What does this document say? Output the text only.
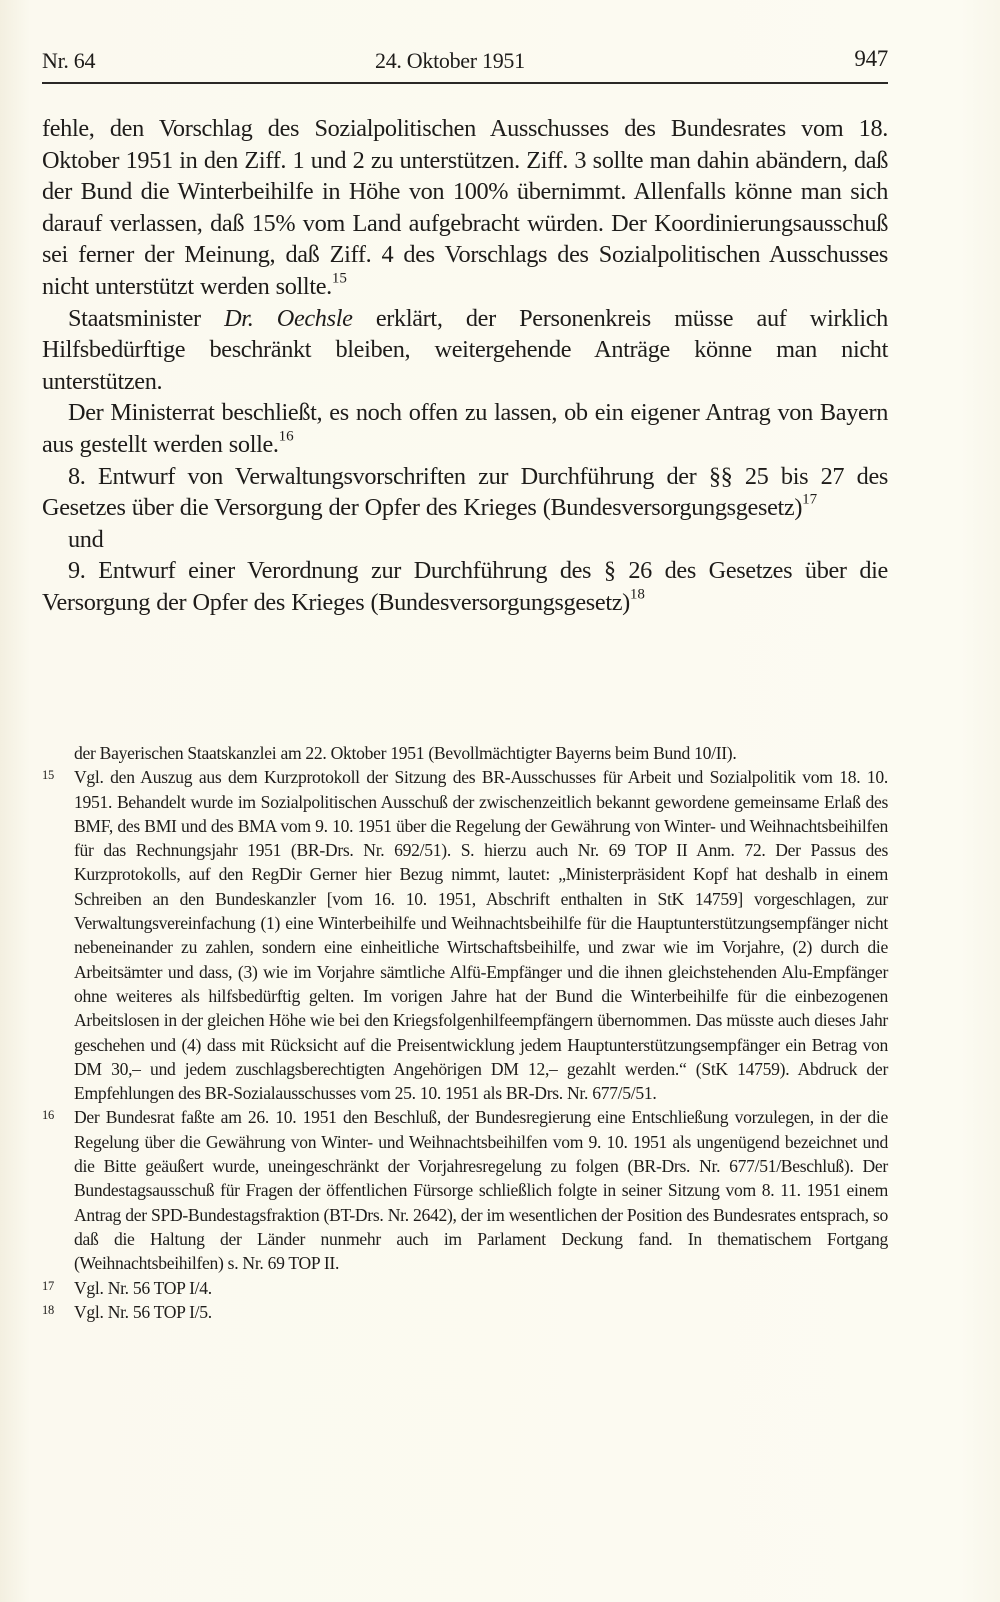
Nr. 64	24. Oktober 1951	947

fehle, den Vorschlag des Sozialpolitischen Ausschusses des Bundesrates vom 18. Oktober 1951 in den Ziff. 1 und 2 zu unterstützen. Ziff. 3 sollte man dahin abändern, daß der Bund die Winterbeihilfe in Höhe von 100% übernimmt. Allenfalls könne man sich darauf verlassen, daß 15% vom Land aufgebracht würden. Der Koordinierungsausschuß sei ferner der Meinung, daß Ziff. 4 des Vorschlags des Sozialpolitischen Ausschusses nicht unterstützt werden sollte.$^{15}$

Staatsminister Dr. Oechsle erklärt, der Personenkreis müsse auf wirklich Hilfsbedürftige beschränkt bleiben, weitergehende Anträge könne man nicht unterstützen.

Der Ministerrat beschließt, es noch offen zu lassen, ob ein eigener Antrag von Bayern aus gestellt werden solle.$^{16}$

8. Entwurf von Verwaltungsvorschriften zur Durchführung der §§ 25 bis 27 des Gesetzes über die Versorgung der Opfer des Krieges (Bundesversorgungsgesetz)$^{17}$

und

9. Entwurf einer Verordnung zur Durchführung des § 26 des Gesetzes über die Versorgung der Opfer des Krieges (Bundesversorgungsgesetz)$^{18}$

der Bayerischen Staatskanzlei am 22. Oktober 1951 (Bevollmächtigter Bayerns beim Bund 10/II).

15 Vgl. den Auszug aus dem Kurzprotokoll der Sitzung des BR-Ausschusses für Arbeit und Sozialpolitik vom 18. 10. 1951. Behandelt wurde im Sozialpolitischen Ausschuß der zwischenzeitlich bekannt gewordene gemeinsame Erlaß des BMF, des BMI und des BMA vom 9. 10. 1951 über die Regelung der Gewährung von Winter- und Weihnachtsbeihilfen für das Rechnungsjahr 1951 (BR-Drs. Nr. 692/51). S. hierzu auch Nr. 69 TOP II Anm. 72. Der Passus des Kurzprotokolls, auf den RegDir Gerner hier Bezug nimmt, lautet: „Ministerpräsident Kopf hat deshalb in einem Schreiben an den Bundeskanzler [vom 16. 10. 1951, Abschrift enthalten in StK 14759] vorgeschlagen, zur Verwaltungsvereinfachung (1) eine Winterbeihilfe und Weihnachtsbeihilfe für die Hauptunterstützungsempfänger nicht nebeneinander zu zahlen, sondern eine einheitliche Wirtschaftsbeihilfe, und zwar wie im Vorjahre, (2) durch die Arbeitsämter und dass, (3) wie im Vorjahre sämtliche Alfü-Empfänger und die ihnen gleichstehenden Alu-Empfänger ohne weiteres als hilfsbedürftig gelten. Im vorigen Jahre hat der Bund die Winterbeihilfe für die einbezogenen Arbeitslosen in der gleichen Höhe wie bei den Kriegsfolgenhilfeempfängern übernommen. Das müsste auch dieses Jahr geschehen und (4) dass mit Rücksicht auf die Preisentwicklung jedem Hauptunterstützungsempfänger ein Betrag von DM 30,– und jedem zuschlagsberechtigten Angehörigen DM 12,– gezahlt werden.“ (StK 14759). Abdruck der Empfehlungen des BR-Sozialausschusses vom 25. 10. 1951 als BR-Drs. Nr. 677/5/51.

16 Der Bundesrat faßte am 26. 10. 1951 den Beschluß, der Bundesregierung eine Entschließung vorzulegen, in der die Regelung über die Gewährung von Winter- und Weihnachtsbeihilfen vom 9. 10. 1951 als ungenügend bezeichnet und die Bitte geäußert wurde, uneingeschränkt der Vorjahresregelung zu folgen (BR-Drs. Nr. 677/51/Beschluß). Der Bundestagsausschuß für Fragen der öffentlichen Fürsorge schließlich folgte in seiner Sitzung vom 8. 11. 1951 einem Antrag der SPD-Bundestagsfraktion (BT-Drs. Nr. 2642), der im wesentlichen der Position des Bundesrates entsprach, so daß die Haltung der Länder nunmehr auch im Parlament Deckung fand. In thematischem Fortgang (Weihnachtsbeihilfen) s. Nr. 69 TOP II.

17 Vgl. Nr. 56 TOP I/4.

18 Vgl. Nr. 56 TOP I/5.
